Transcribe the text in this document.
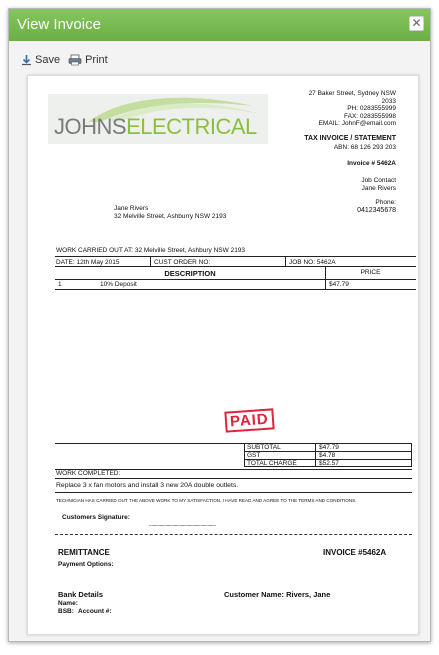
View Invoice	✕
Save Print
JOHNSELECTRICAL
27 Baker Street, Sydney NSW
2033
PH: 0283555999
FAX: 0283555998
EMAIL: JohnF@email.com
TAX INVOICE / STATEMENT
ABN: 68 126 293 203
Invoice # 5462A
Job Contact
Jane Rivers
Phone:
0412345678
Jane Rivers
32 Melville Street, Ashburry NSW 2193
WORK CARRIED OUT AT: 32 Melville Street, Ashbury NSW 2193
DATE: 12th May 2015	CUST ORDER NO:	JOB NO: 5462A
DESCRIPTION	PRICE
1	10% Deposit	$47.79
PAID
SUBTOTAL	$47.79
GST	$4.78
TOTAL CHARGE	$52.57
WORK COMPLETED:
Replace 3 x fan motors and install 3 new 20A double outlets.
TECHNICIAN HAS CARRIED OUT THE ABOVE WORK TO MY SATISFACTION. I HAVE READ AND AGREE TO THE TERMS AND CONDITIONS.
Customers Signature:
.........................................................
REMITTANCE	INVOICE #5462A
Payment Options:
Bank Details	Customer Name: Rivers, Jane
Name:
BSB: Account #:
